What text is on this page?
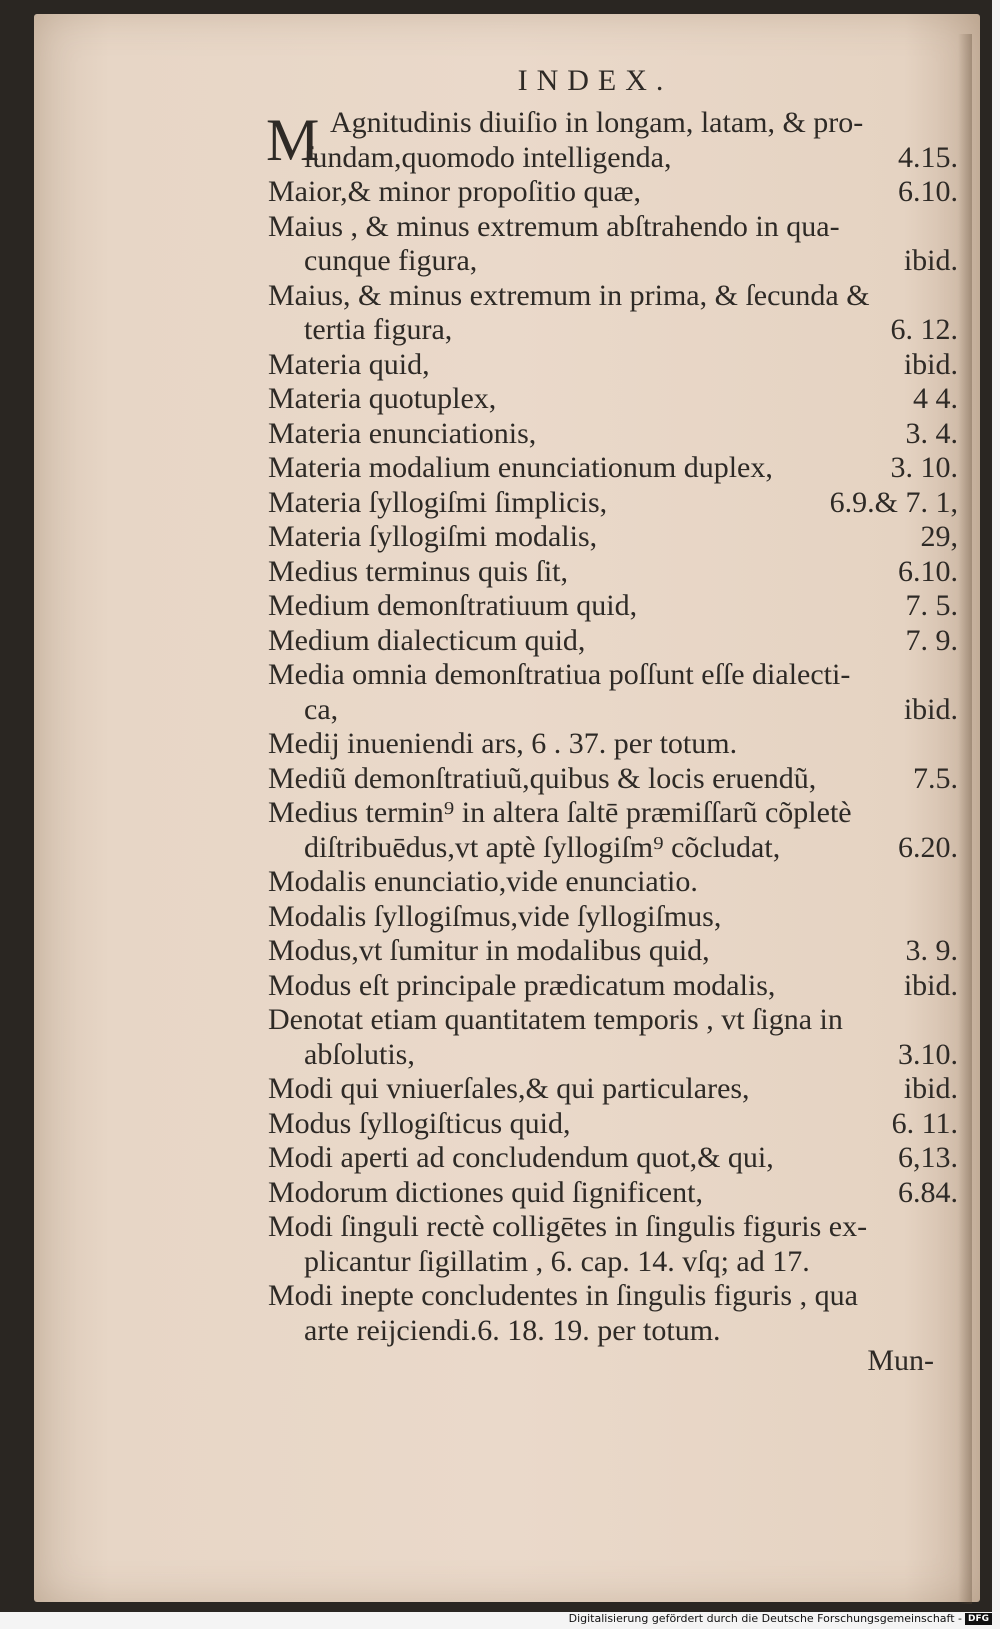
INDEX.
M Agnitudinis diuiſio in longam, latam, & pro-
ſundam,quomodo intelligenda,	4.15.
Maior,& minor propoſitio quæ,	6.10.
Maius , & minus extremum abſtrahendo in qua-
cunque figura,	ibid.
Maius, & minus extremum in prima, & ſecunda &
tertia figura,	6. 12.
Materia quid,	ibid.
Materia quotuplex,	4 4.
Materia enunciationis,	3. 4.
Materia modalium enunciationum duplex,	3. 10.
Materia ſyllogiſmi ſimplicis,	6.9.& 7. 1,
Materia ſyllogiſmi modalis,	29,
Medius terminus quis ſit,	6.10.
Medium demonſtratiuum quid,	7. 5.
Medium dialecticum quid,	7. 9.
Media omnia demonſtratiua poſſunt eſſe dialecti-
ca,	ibid.
Medij inueniendi ars, 6 . 37. per totum.
Mediũ demonſtratiuũ,quibus & locis eruendũ,	7.5.
Medius termin⁹ in altera ſaltē præmiſſarũ cõpletè
diſtribuēdus,vt aptè ſyllogiſm⁹ cõcludat,	6.20.
Modalis enunciatio,vide enunciatio.
Modalis ſyllogiſmus,vide ſyllogiſmus,
Modus,vt ſumitur in modalibus quid,	3. 9.
Modus eſt principale prædicatum modalis,	ibid.
Denotat etiam quantitatem temporis , vt ſigna in
abſolutis,	3.10.
Modi qui vniuerſales,& qui particulares,	ibid.
Modus ſyllogiſticus quid,	6. 11.
Modi aperti ad concludendum quot,& qui,	6,13.
Modorum dictiones quid ſignificent,	6.84.
Modi ſinguli rectè colligētes in ſingulis figuris ex-
plicantur ſigillatim , 6. cap. 14. vſq; ad 17.
Modi inepte concludentes in ſingulis figuris , qua
arte reijciendi.6. 18. 19. per totum.
Mun-
Digitalisierung gefördert durch die Deutsche Forschungsgemeinschaft - DFG
